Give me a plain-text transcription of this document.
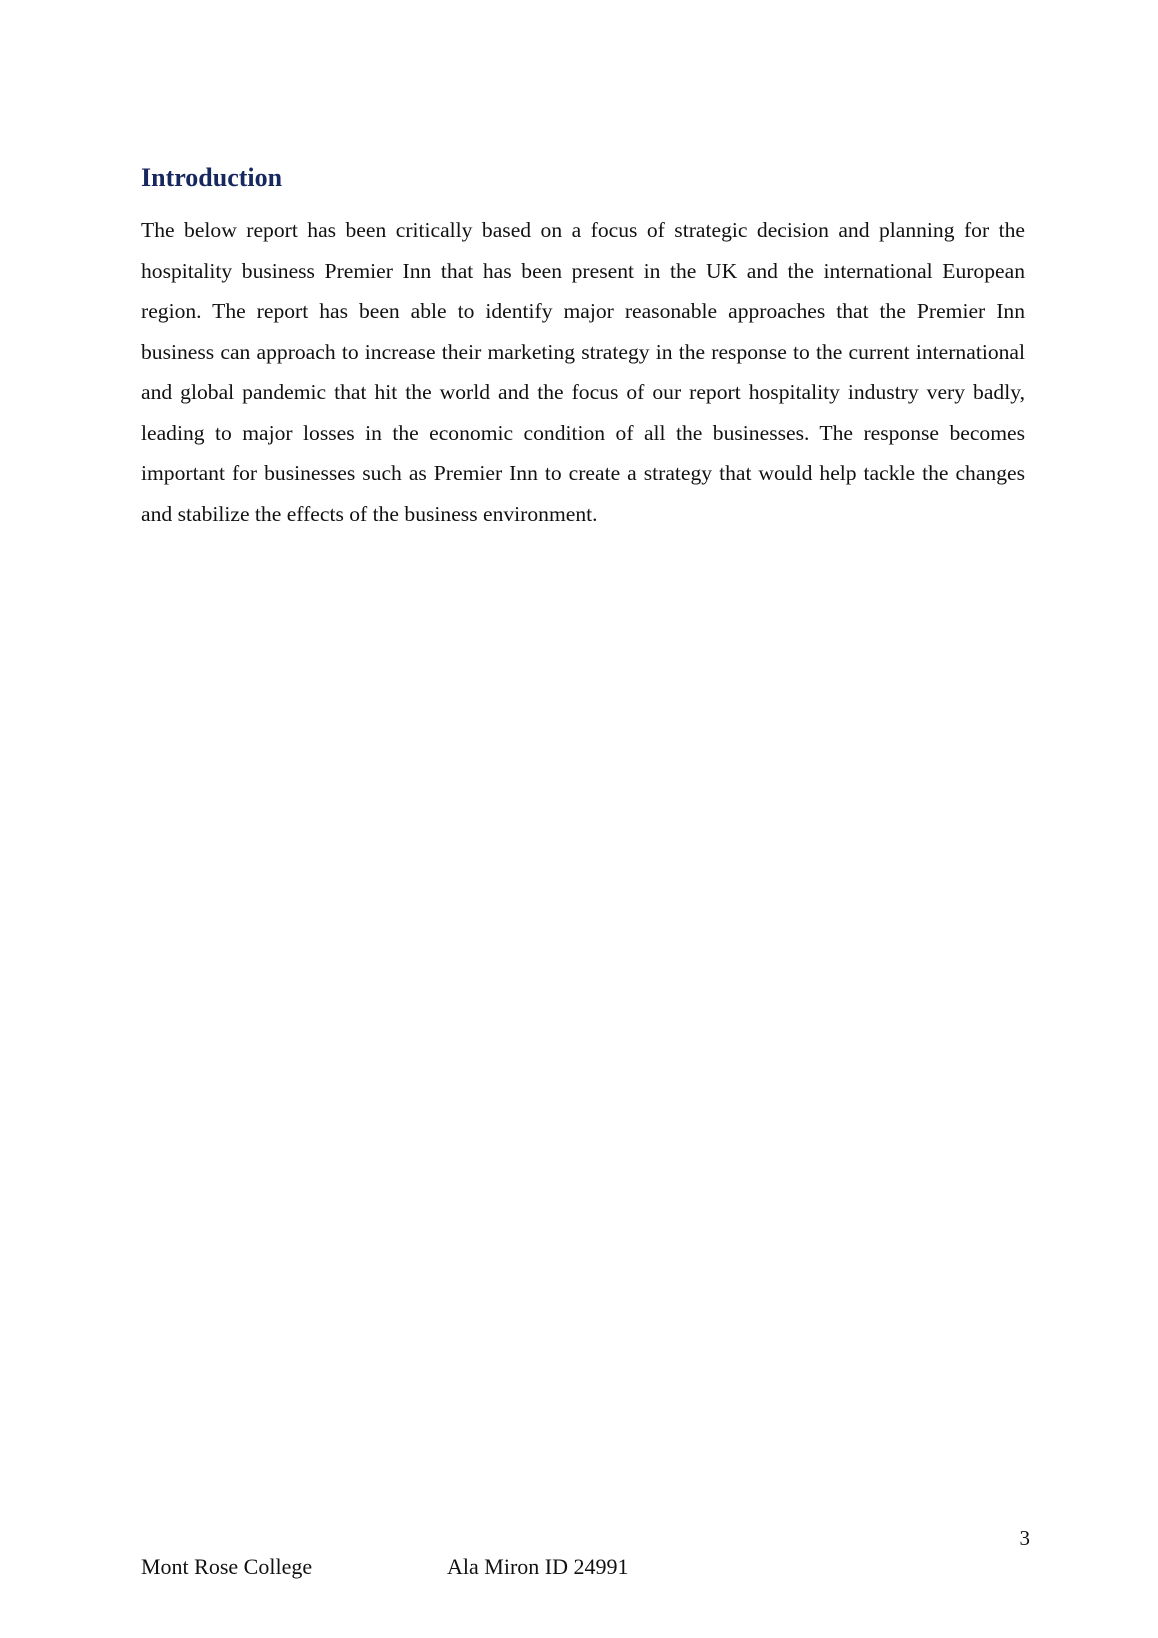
Introduction

The below report has been critically based on a focus of strategic decision and planning for the hospitality business Premier Inn that has been present in the UK and the international European region. The report has been able to identify major reasonable approaches that the Premier Inn business can approach to increase their marketing strategy in the response to the current international and global pandemic that hit the world and the focus of our report hospitality industry very badly, leading to major losses in the economic condition of all the businesses. The response becomes important for businesses such as Premier Inn to create a strategy that would help tackle the changes and stabilize the effects of the business environment.

3
Mont Rose College	Ala Miron ID 24991
